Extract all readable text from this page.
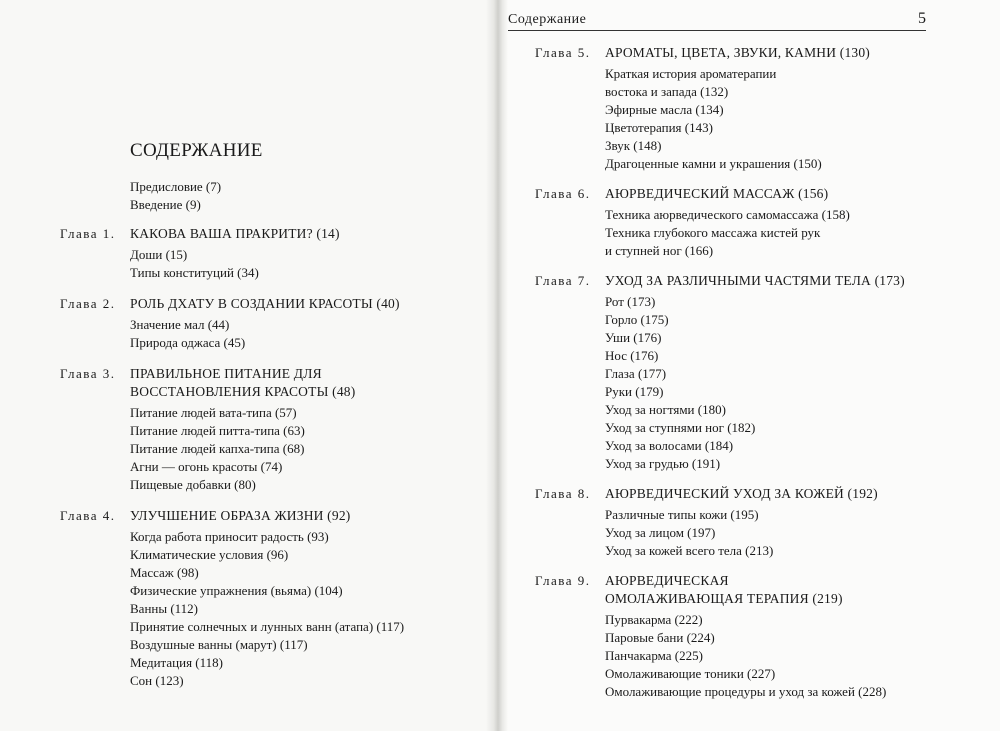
Содержание	5
СОДЕРЖАНИЕ
Предисловие (7)
Введение (9)
Глава 1.	КАКОВА ВАША ПРАКРИТИ? (14)
Доши (15)
Типы конституций (34)
Глава 2.	РОЛЬ ДХАТУ В СОЗДАНИИ КРАСОТЫ (40)
Значение мал (44)
Природа оджаса (45)
Глава 3.	ПРАВИЛЬНОЕ ПИТАНИЕ ДЛЯ ВОССТАНОВЛЕНИЯ КРАСОТЫ (48)
Питание людей вата-типа (57)
Питание людей питта-типа (63)
Питание людей капха-типа (68)
Агни — огонь красоты (74)
Пищевые добавки (80)
Глава 4.	УЛУЧШЕНИЕ ОБРАЗА ЖИЗНИ (92)
Когда работа приносит радость (93)
Климатические условия (96)
Массаж (98)
Физические упражнения (вьяма) (104)
Ванны (112)
Принятие солнечных и лунных ванн (атапа) (117)
Воздушные ванны (марут) (117)
Медитация (118)
Сон (123)
Глава 5.	АРОМАТЫ, ЦВЕТА, ЗВУКИ, КАМНИ (130)
Краткая история ароматерапии
востока и запада (132)
Эфирные масла (134)
Цветотерапия (143)
Звук (148)
Драгоценные камни и украшения (150)
Глава 6.	АЮРВЕДИЧЕСКИЙ МАССАЖ (156)
Техника аюрведического самомассажа (158)
Техника глубокого массажа кистей рук
и ступней ног (166)
Глава 7.	УХОД ЗА РАЗЛИЧНЫМИ ЧАСТЯМИ ТЕЛА (173)
Рот (173)
Горло (175)
Уши (176)
Нос (176)
Глаза (177)
Руки (179)
Уход за ногтями (180)
Уход за ступнями ног (182)
Уход за волосами (184)
Уход за грудью (191)
Глава 8.	АЮРВЕДИЧЕСКИЙ УХОД ЗА КОЖЕЙ (192)
Различные типы кожи (195)
Уход за лицом (197)
Уход за кожей всего тела (213)
Глава 9.	АЮРВЕДИЧЕСКАЯ ОМОЛАЖИВАЮЩАЯ ТЕРАПИЯ (219)
Пурвакарма (222)
Паровые бани (224)
Панчакарма (225)
Омолаживающие тоники (227)
Омолаживающие процедуры и уход за кожей (228)
